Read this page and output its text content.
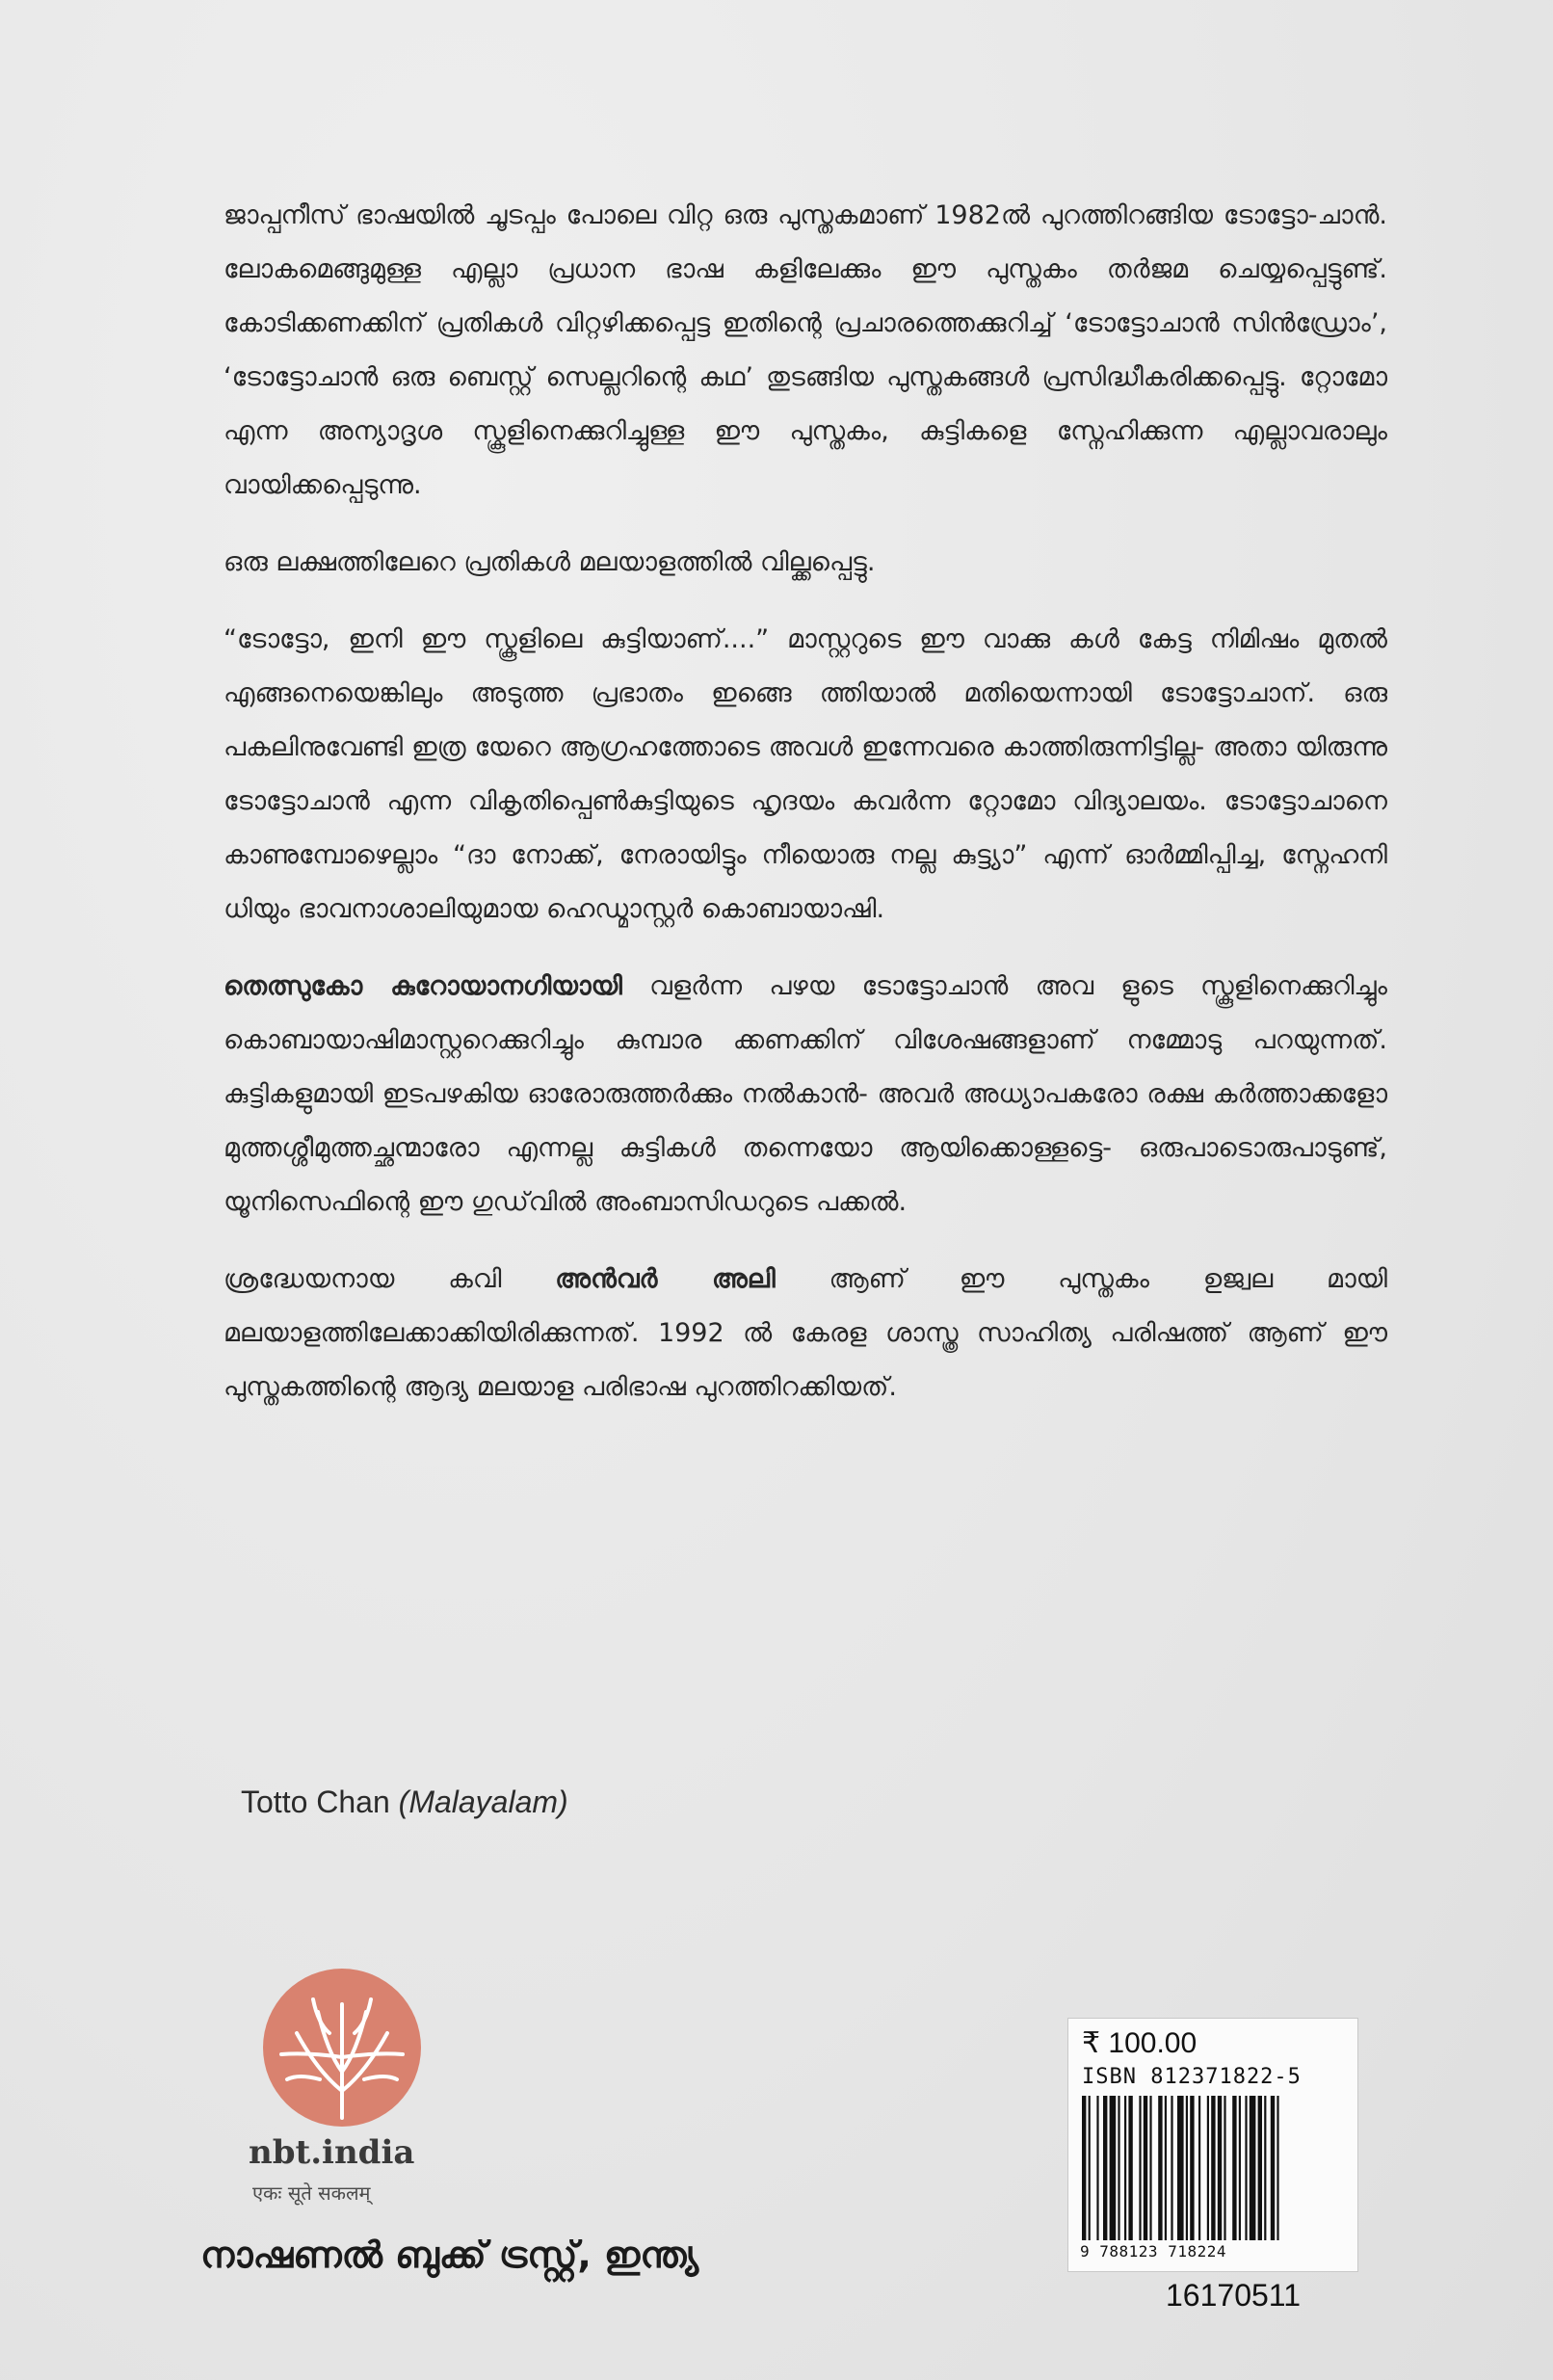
ജാപ്പനീസ് ഭാഷയിൽ ചൂടപ്പം പോലെ വിറ്റ ഒരു പുസ്തകമാണ് 1982ൽ പുറത്തിറങ്ങിയ ടോട്ടോ-ചാൻ. ലോകമെങ്ങുമുള്ള എല്ലാ പ്രധാന ഭാഷ കളിലേക്കും ഈ പുസ്തകം തർജമ ചെയ്യപ്പെട്ടുണ്ട്. കോടിക്കണക്കിന് പ്രതികൾ വിറ്റഴിക്കപ്പെട്ട ഇതിന്റെ പ്രചാരത്തെക്കുറിച്ച് ‘ടോട്ടോചാൻ സിൻഡ്രോം’, ‘ടോട്ടോചാൻ ഒരു ബെസ്റ്റ് സെല്ലറിന്റെ കഥ’ തുടങ്ങിയ പുസ്തകങ്ങൾ പ്രസിദ്ധീകരിക്കപ്പെട്ടു. റ്റോമോ എന്ന അന്യാദൃശ സ്കൂളിനെക്കുറിച്ചുള്ള ഈ പുസ്തകം, കുട്ടികളെ സ്നേഹിക്കുന്ന എല്ലാവരാലും വായിക്കപ്പെടുന്നു.

ഒരു ലക്ഷത്തിലേറെ പ്രതികൾ മലയാളത്തിൽ വില്ക്കപ്പെട്ടു.

“ടോട്ടോ, ഇനി ഈ സ്കൂളിലെ കുട്ടിയാണ്....” മാസ്റ്ററുടെ ഈ വാക്കു കൾ കേട്ട നിമിഷം മുതൽ എങ്ങനെയെങ്കിലും അടുത്ത പ്രഭാതം ഇങ്ങെ ത്തിയാൽ മതിയെന്നായി ടോട്ടോചാന്. ഒരു പകലിനുവേണ്ടി ഇത്ര യേറെ ആഗ്രഹത്തോടെ അവൾ ഇന്നേവരെ കാത്തിരുന്നിട്ടില്ല- അതാ യിരുന്നു ടോട്ടോചാൻ എന്ന വികൃതിപ്പെൺകുട്ടിയുടെ ഹൃദയം കവർന്ന റ്റോമോ വിദ്യാലയം. ടോട്ടോചാനെ കാണുമ്പോഴെല്ലാം “ദാ നോക്ക്, നേരായിട്ടും നീയൊരു നല്ല കുട്ട്യാ” എന്ന് ഓർമ്മിപ്പിച്ച, സ്നേഹനി ധിയും ഭാവനാശാലിയുമായ ഹെഡ്മാസ്റ്റർ കൊബായാഷി.

തെത്സുകോ കുറോയാനഗിയായി വളർന്ന പഴയ ടോട്ടോചാൻ അവ ളുടെ സ്കൂളിനെക്കുറിച്ചും കൊബായാഷിമാസ്റ്ററെക്കുറിച്ചും കുമ്പാര ക്കണക്കിന് വിശേഷങ്ങളാണ് നമ്മോടു പറയുന്നത്. കുട്ടികളുമായി ഇടപഴകിയ ഓരോരുത്തർക്കും നൽകാൻ- അവർ അധ്യാപകരോ രക്ഷ കർത്താക്കളോ മുത്തശ്ശീമുത്തച്ഛന്മാരോ എന്നല്ല കുട്ടികൾ തന്നെയോ ആയിക്കൊള്ളട്ടെ- ഒരുപാടൊരുപാടുണ്ട്, യൂനിസെഫിന്റെ ഈ ഗുഡ്‌വിൽ അംബാസിഡറുടെ പക്കൽ.

ശ്രദ്ധേയനായ കവി അൻവർ അലി ആണ് ഈ പുസ്തകം ഉജ്വല മായി മലയാളത്തിലേക്കാക്കിയിരിക്കുന്നത്. 1992 ൽ കേരള ശാസ്ത്ര സാഹിത്യ പരിഷത്ത് ആണ് ഈ പുസ്തകത്തിന്റെ ആദ്യ മലയാള പരിഭാഷ പുറത്തിറക്കിയത്.

Totto Chan (Malayalam)
₹ 100.00
ISBN 812371822-5
9 788123 718224
16170511
nbt.india
एकः सूते सकलम्
നാഷണൽ ബുക്ക് ട്രസ്റ്റ്, ഇന്ത്യ
